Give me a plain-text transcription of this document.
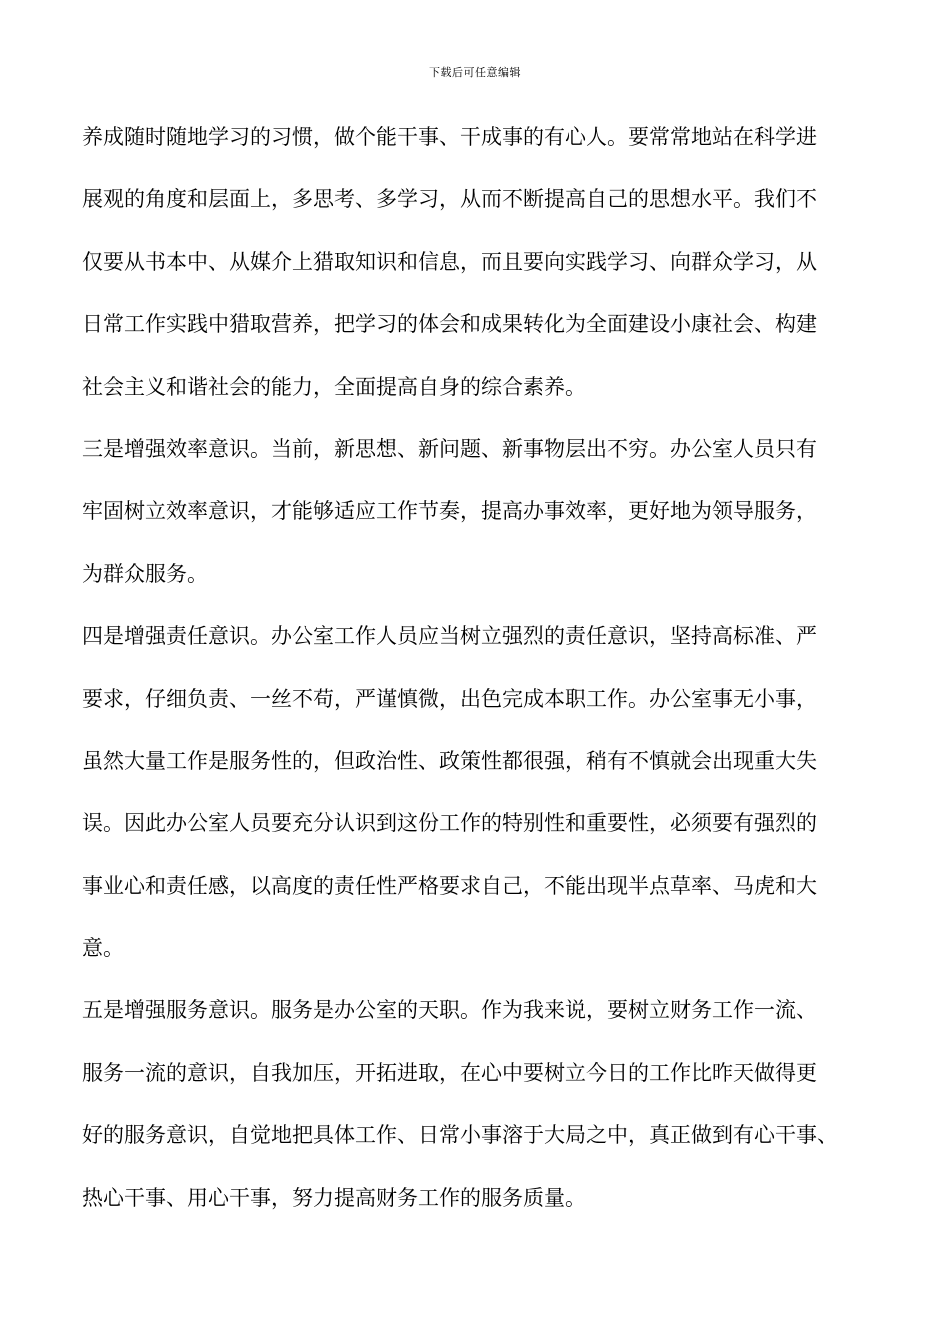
下载后可任意编辑
养成随时随地学习的习惯，做个能干事、干成事的有心人。要常常地站在科学进
展观的角度和层面上，多思考、多学习，从而不断提高自己的思想水平。我们不
仅要从书本中、从媒介上猎取知识和信息，而且要向实践学习、向群众学习，从
日常工作实践中猎取营养，把学习的体会和成果转化为全面建设小康社会、构建
社会主义和谐社会的能力，全面提高自身的综合素养。
三是增强效率意识。当前，新思想、新问题、新事物层出不穷。办公室人员只有
牢固树立效率意识，才能够适应工作节奏，提高办事效率，更好地为领导服务，
为群众服务。
四是增强责任意识。办公室工作人员应当树立强烈的责任意识，坚持高标准、严
要求，仔细负责、一丝不苟，严谨慎微，出色完成本职工作。办公室事无小事，
虽然大量工作是服务性的，但政治性、政策性都很强，稍有不慎就会出现重大失
误。因此办公室人员要充分认识到这份工作的特别性和重要性，必须要有强烈的
事业心和责任感，以高度的责任性严格要求自己，不能出现半点草率、马虎和大
意。
五是增强服务意识。服务是办公室的天职。作为我来说，要树立财务工作一流、
服务一流的意识，自我加压，开拓进取，在心中要树立今日的工作比昨天做得更
好的服务意识，自觉地把具体工作、日常小事溶于大局之中，真正做到有心干事、
热心干事、用心干事，努力提高财务工作的服务质量。
